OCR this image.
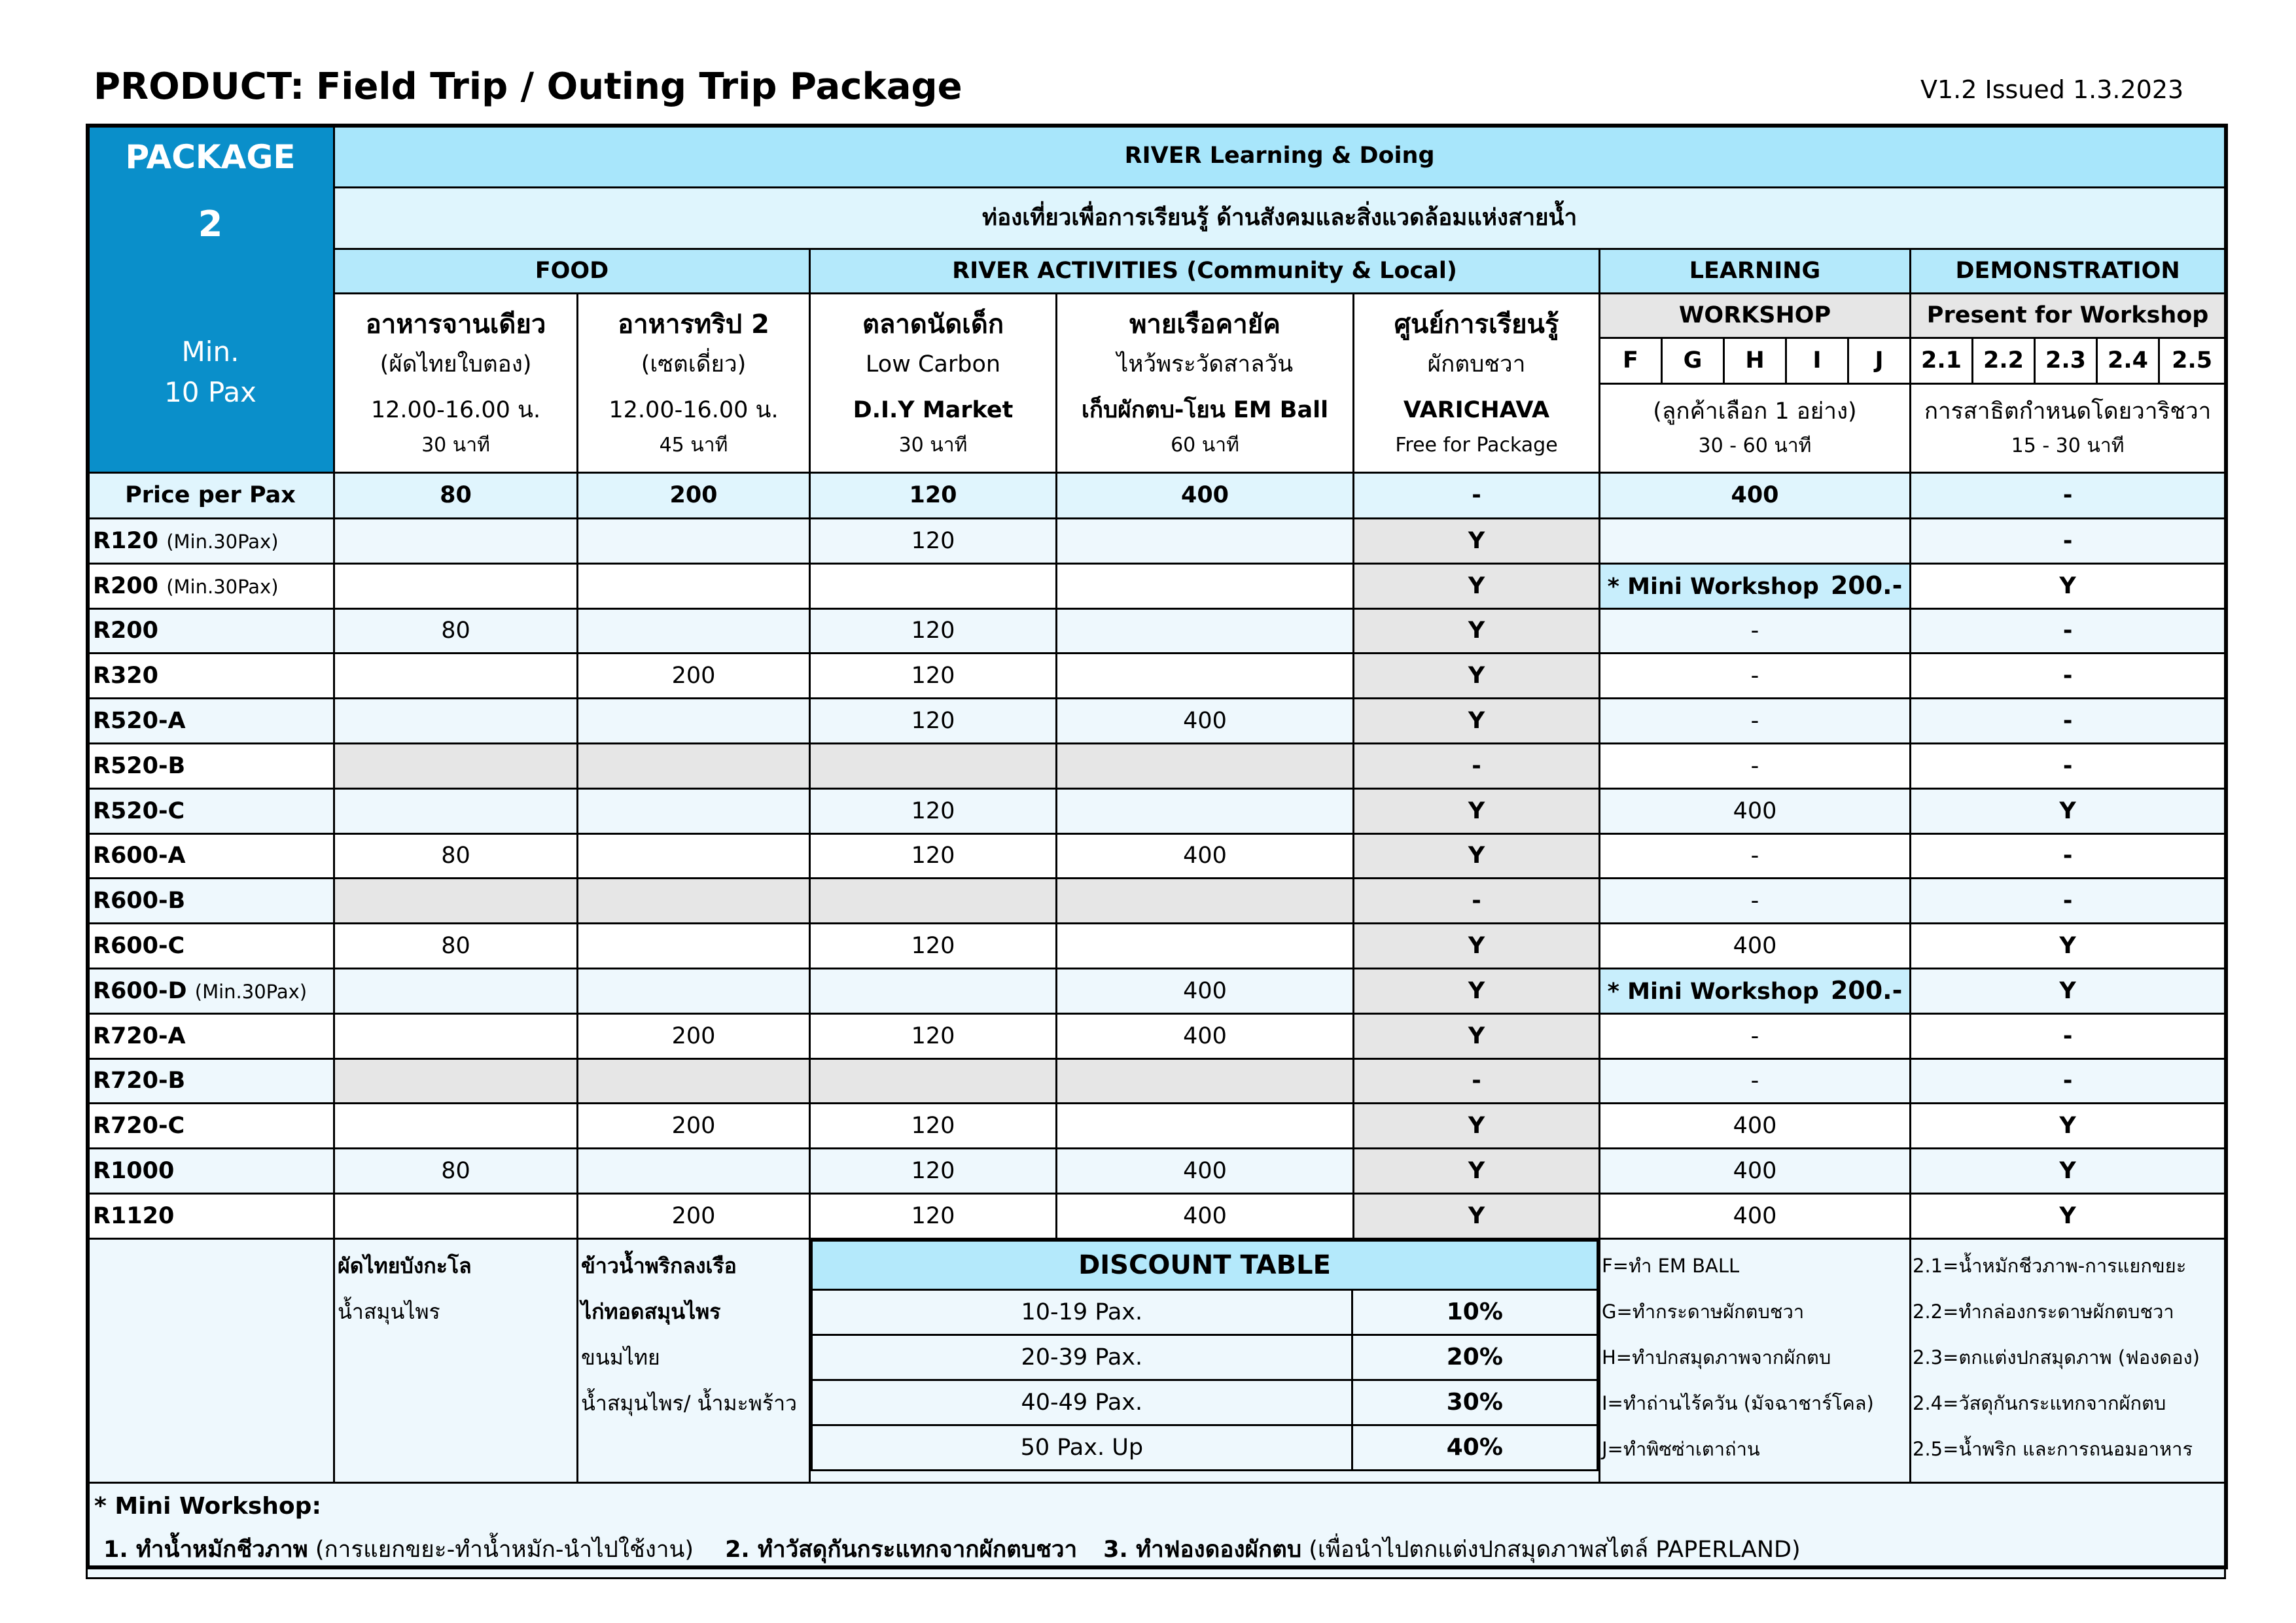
PRODUCT: Field Trip / Outing Trip Package	V1.2 Issued 1.3.2023
PACKAGE
2
Min.
10 Pax
	RIVER Learning & Doing
ท่องเที่ยวเพื่อการเรียนรู้ ด้านสังคมและสิ่งแวดล้อมแห่งสายน้ำ
FOOD	RIVER ACTIVITIES (Community & Local)	LEARNING	DEMONSTRATION

อาหารจานเดียว
(ผัดไทยใบตอง)
12.00-16.00 น.
30 นาที

อาหารทริป 2
(เซตเดี่ยว)
12.00-16.00 น.
45 นาที

ตลาดนัดเด็ก
Low Carbon
D.I.Y Market
30 นาที

พายเรือคายัค
ไหว้พระวัดสาลวัน
เก็บผักตบ-โยน EM Ball
60 นาที

ศูนย์การเรียนรู้
ผักตบชวา
VARICHAVA
Free for Package
	WORKSHOP	Present for Workshop
F	G	H	I	J	2.1	2.2	2.3	2.4	2.5

(ลูกค้าเลือก 1 อย่าง)
30 - 60 นาที

การสาธิตกำหนดโดยวาริชวา
15 - 30 นาที

Price per Pax	80	200	120	400	-	400	-
R120 (Min.30Pax)			120		Y		-
R200 (Min.30Pax)					Y	* Mini Workshop 200.-	Y
R200	80		120		Y	-	-
R320		200	120		Y	-	-
R520-A			120	400	Y	-	-
R520-B					-	-	-
R520-C			120		Y	400	Y
R600-A	80		120	400	Y	-	-
R600-B					-	-	-
R600-C	80		120		Y	400	Y
R600-D (Min.30Pax)				400	Y	* Mini Workshop 200.-	Y
R720-A		200	120	400	Y	-	-
R720-B					-	-	-
R720-C		200	120		Y	400	Y
R1000	80		120	400	Y	400	Y
R1120		200	120	400	Y	400	Y

ผัดไทยบังกะโล
น้ำสมุนไพร

ข้าวน้ำพริกลงเรือ
ไก่ทอดสมุนไพร
ขนมไทย
น้ำสมุนไพร/ น้ำมะพร้าว

DISCOUNT TABLE
10-19 Pax.	10%
20-39 Pax.	20%
40-49 Pax.	30%
50 Pax. Up	40%

F=ทำ EM BALL
G=ทำกระดาษผักตบชวา
H=ทำปกสมุดภาพจากผักตบ
I=ทำถ่านไร้ควัน (มัจฉาชาร์โคล)
J=ทำพิซซ่าเตาถ่าน

2.1=น้ำหมักชีวภาพ-การแยกขยะ
2.2=ทำกล่องกระดาษผักตบชวา
2.3=ตกแต่งปกสมุดภาพ (ฟองดอง)
2.4=วัสดุกันกระแทกจากผักตบ
2.5=น้ำพริก และการถนอมอาหาร

* Mini Workshop:
1. ทำน้ำหมักชีวภาพ (การแยกขยะ-ทำน้ำหมัก-นำไปใช้งาน) 2. ทำวัสดุกันกระแทกจากผักตบชวา 3. ทำฟองดองผักตบ (เพื่อนำไปตกแต่งปกสมุดภาพสไตล์ PAPERLAND)
